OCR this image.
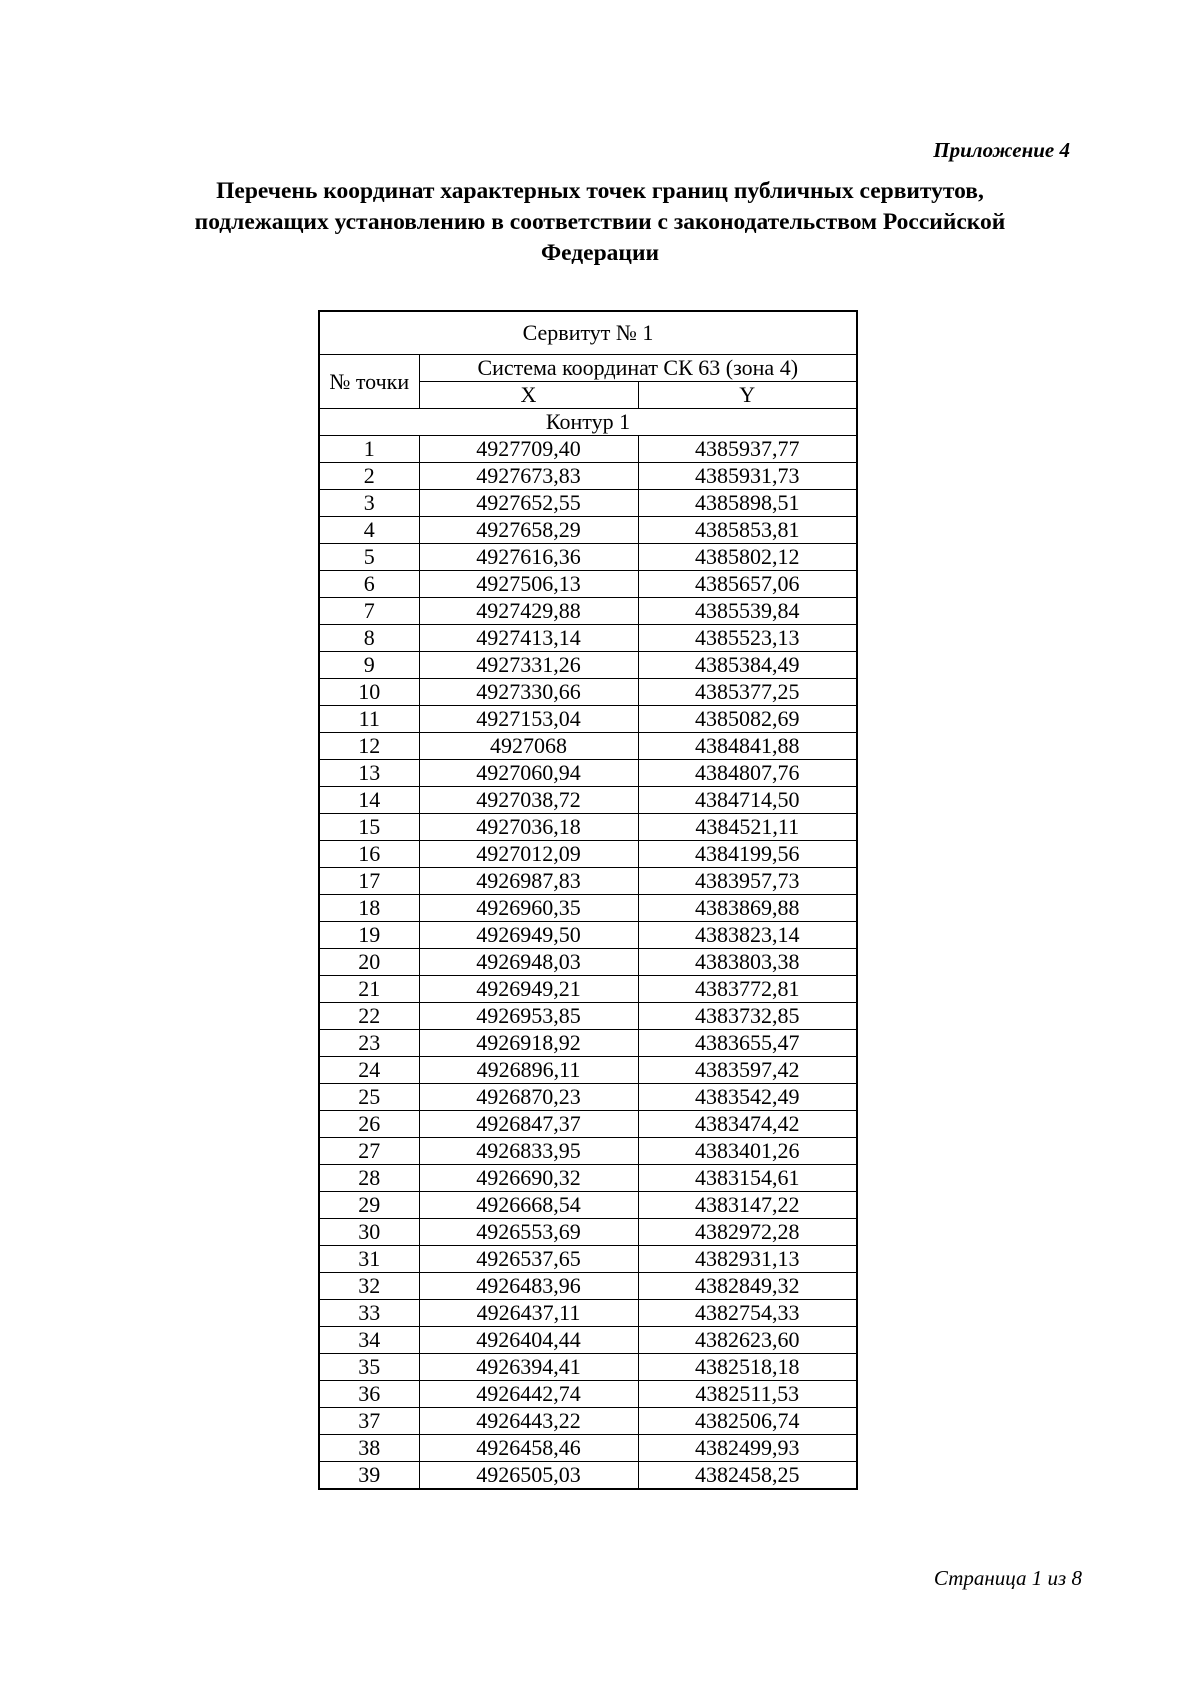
Приложение 4
Перечень координат характерных точек границ публичных сервитутов,
подлежащих установлению в соответствии с законодательством Российской
Федерации
Сервитут № 1		
№ точки	Система координат СК 63 (зона 4)	
	X	Y
Контур 1		
1	4927709,40	4385937,77
2	4927673,83	4385931,73
3	4927652,55	4385898,51
4	4927658,29	4385853,81
5	4927616,36	4385802,12
6	4927506,13	4385657,06
7	4927429,88	4385539,84
8	4927413,14	4385523,13
9	4927331,26	4385384,49
10	4927330,66	4385377,25
11	4927153,04	4385082,69
12	4927068	4384841,88
13	4927060,94	4384807,76
14	4927038,72	4384714,50
15	4927036,18	4384521,11
16	4927012,09	4384199,56
17	4926987,83	4383957,73
18	4926960,35	4383869,88
19	4926949,50	4383823,14
20	4926948,03	4383803,38
21	4926949,21	4383772,81
22	4926953,85	4383732,85
23	4926918,92	4383655,47
24	4926896,11	4383597,42
25	4926870,23	4383542,49
26	4926847,37	4383474,42
27	4926833,95	4383401,26
28	4926690,32	4383154,61
29	4926668,54	4383147,22
30	4926553,69	4382972,28
31	4926537,65	4382931,13
32	4926483,96	4382849,32
33	4926437,11	4382754,33
34	4926404,44	4382623,60
35	4926394,41	4382518,18
36	4926442,74	4382511,53
37	4926443,22	4382506,74
38	4926458,46	4382499,93
39	4926505,03	4382458,25
Страница 1 из 8
